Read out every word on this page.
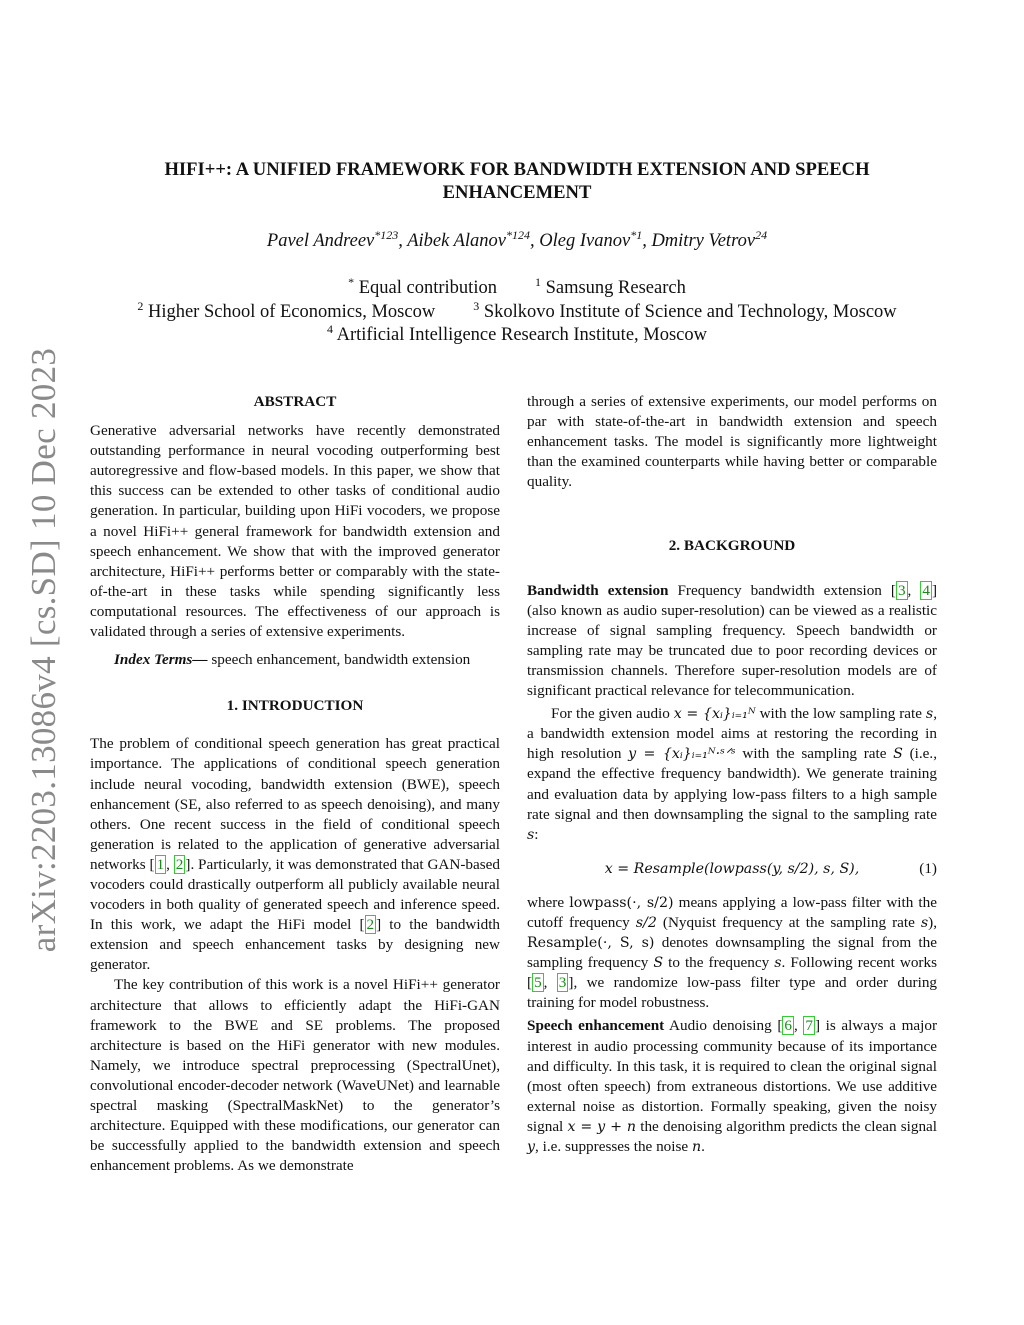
arXiv:2203.13086v4 [cs.SD] 10 Dec 2023
HIFI++: A UNIFIED FRAMEWORK FOR BANDWIDTH EXTENSION AND SPEECH
ENHANCEMENT
Pavel Andreev$^{*123}$, Aibek Alanov$^{*124}$, Oleg Ivanov$^{*1}$, Dmitry Vetrov$^{24}$
* Equal contribution	$^1$ Samsung Research
$^2$ Higher School of Economics, Moscow	$^3$ Skolkovo Institute of Science and Technology, Moscow
$^4$ Artificial Intelligence Research Institute, Moscow

ABSTRACT

Generative adversarial networks have recently demonstrated outstanding performance in neural vocoding outperforming best autoregressive and flow-based models. In this paper, we show that this success can be extended to other tasks of conditional audio generation. In particular, building upon HiFi vocoders, we propose a novel HiFi++ general framework for bandwidth extension and speech enhancement. We show that with the improved generator architecture, HiFi++ performs better or comparably with the state-of-the-art in these tasks while spending significantly less computational resources. The effectiveness of our approach is validated through a series of extensive experiments.

Index Terms— speech enhancement, bandwidth extension

1. INTRODUCTION

The problem of conditional speech generation has great practical importance. The applications of conditional speech generation include neural vocoding, bandwidth extension (BWE), speech enhancement (SE, also referred to as speech denoising), and many others. One recent success in the field of conditional speech generation is related to the application of generative adversarial networks [ 1 , 2 ]. Particularly, it was demonstrated that GAN-based vocoders could drastically outperform all publicly available neural vocoders in both quality of generated speech and inference speed. In this work, we adapt the HiFi model [ 2 ] to the bandwidth extension and speech enhancement tasks by designing new generator.

The key contribution of this work is a novel HiFi++ generator architecture that allows to efficiently adapt the HiFi-GAN framework to the BWE and SE problems. The proposed architecture is based on the HiFi generator with new modules. Namely, we introduce spectral preprocessing (SpectralUnet), convolutional encoder-decoder network (WaveUNet) and learnable spectral masking (SpectralMaskNet) to the generator’s architecture. Equipped with these modifications, our generator can be successfully applied to the bandwidth extension and speech enhancement problems. As we demonstrate

through a series of extensive experiments, our model performs on par with state-of-the-art in bandwidth extension and speech enhancement tasks. The model is significantly more lightweight than the examined counterparts while having better or comparable quality.

2. BACKGROUND

Bandwidth extension Frequency bandwidth extension [ 3 , 4 ] (also known as audio super-resolution) can be viewed as a realistic increase of signal sampling frequency. Speech bandwidth or sampling rate may be truncated due to poor recording devices or transmission channels. Therefore super-resolution models are of significant practical relevance for telecommunication.

For the given audio x = {xᵢ}ᵢ₌₁ᴺ with the low sampling rate s, a bandwidth extension model aims at restoring the recording in high resolution y = {xᵢ}ᵢ₌₁ᴺ·ˢᐟˢ with the sampling rate S (i.e., expand the effective frequency bandwidth). We generate training and evaluation data by applying low-pass filters to a high sample rate signal and then downsampling the signal to the sampling rate s:

x = Resample(lowpass(y, s/2), s, S),	(1)

where lowpass(·, s/2) means applying a low-pass filter with the cutoff frequency s/2 (Nyquist frequency at the sampling rate s), Resample(·, S, s) denotes downsampling the signal from the sampling frequency S to the frequency s. Following recent works [ 5 , 3 ], we randomize low-pass filter type and order during training for model robustness.

Speech enhancement Audio denoising [ 6 , 7 ] is always a major interest in audio processing community because of its importance and difficulty. In this task, it is required to clean the original signal (most often speech) from extraneous distortions. We use additive external noise as distortion. Formally speaking, given the noisy signal x = y + n the denoising algorithm predicts the clean signal y, i.e. suppresses the noise n.
